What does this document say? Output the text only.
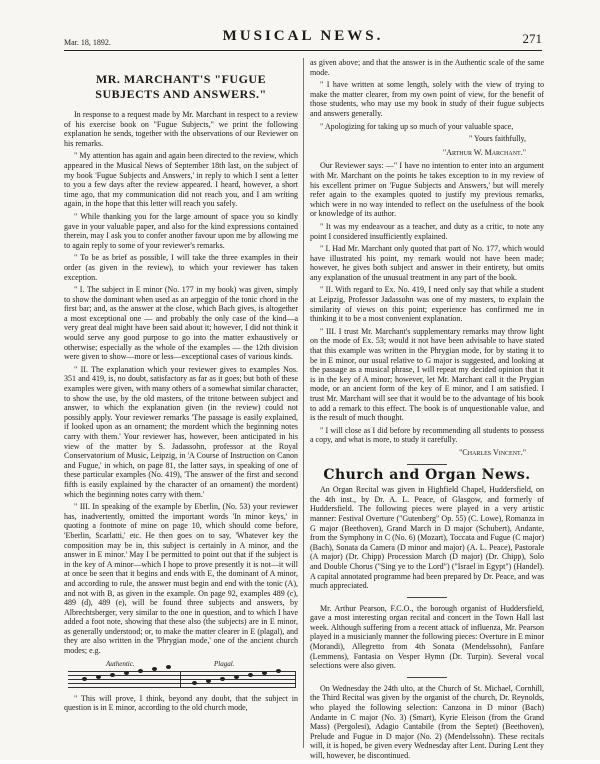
Mar. 18, 1892.	MUSICAL NEWS.	271
MR. MARCHANT'S "FUGUE SUBJECTS AND ANSWERS."

In response to a request made by Mr. Marchant in respect to a review of his exercise book on "Fugue Subjects," we print the following explanation he sends, together with the observations of our Reviewer on his remarks.

" My attention has again and again been directed to the review, which appeared in the Musical News of September 18th last, on the subject of my book 'Fugue Subjects and Answers,' in reply to which I sent a letter to you a few days after the review appeared. I heard, however, a short time ago, that my communication did not reach you, and I am writing again, in the hope that this letter will reach you safely.

" While thanking you for the large amount of space you so kindly gave in your valuable paper, and also for the kind expressions contained therein, may I ask you to confer another favour upon me by allowing me to again reply to some of your reviewer's remarks.

" To be as brief as possible, I will take the three examples in their order (as given in the review), to which your reviewer has taken exception.

" I. The subject in E minor (No. 177 in my book) was given, simply to show the dominant when used as an arpeggio of the tonic chord in the first bar; and, as the answer at the close, which Bach gives, is altogether a most exceptional one — and probably the only case of the kind—a very great deal might have been said about it; however, I did not think it would serve any good purpose to go into the matter exhaustively or otherwise; especially as the whole of the examples — the 12th division were given to show—more or less—exceptional cases of various kinds.

" II. The explanation which your reviewer gives to examples Nos. 351 and 419, is, no doubt, satisfactory as far as it goes; but both of these examples were given, with many others of a somewhat similar character, to show the use, by the old masters, of the tritone between subject and answer, to which the explanation given (in the review) could not possibly apply. Your reviewer remarks 'The passage is easily explained, if looked upon as an ornament; the mordent which the beginning notes carry with them.' Your reviewer has, however, been anticipated in his view of the matter by S. Jadassohn, professor at the Royal Conservatorium of Music, Leipzig, in 'A Course of Instruction on Canon and Fugue,' in which, on page 81, the latter says, in speaking of one of these particular examples (No. 419), 'The answer of the first and second fifth is easily explained by the character of an ornament) the mordent) which the beginning notes carry with them.'

" III. In speaking of the example by Eberlin, (No. 53) your reviewer has, inadvertently, omitted the important words 'In minor keys,' in quoting a footnote of mine on page 10, which should come before, 'Eberlin, Scarlatti,' etc. He then goes on to say, 'Whatever key the composition may be in, this subject is certainly in A minor, and the answer in E minor.' May I be permitted to point out that if the subject is in the key of A minor—which I hope to prove presently it is not—it will at once be seen that it begins and ends with E, the dominant of A minor, and according to rule, the answer must begin and end with the tonic (A), and not with B, as given in the example. On page 92, examples 489 (c), 489 (d), 489 (e), will be found three subjects and answers, by Albrechtsberger, very similar to the one in question, and to which I have added a foot note, showing that these also (the subjects) are in E minor, as generally understood; or, to make the matter clearer in E (plagal), and they are also written in the 'Phrygian mode,' one of the ancient church modes; e.g.

Authentic.	Plagal.

" This will prove, I think, beyond any doubt, that the subject in question is in E minor, according to the old church mode,

as given above; and that the answer is in the Authentic scale of the same mode.

" I have written at some length, solely with the view of trying to make the matter clearer, from my own point of view, for the benefit of those students, who may use my book in study of their fugue subjects and answers generally.

" Apologizing for taking up so much of your valuable space,

" Yours faithfully,
"Arthur W. Marchant."

Our Reviewer says: —" I have no intention to enter into an argument with Mr. Marchant on the points he takes exception to in my review of his excellent primer on 'Fugue Subjects and Answers,' but will merely refer again to the examples quoted to justify my previous remarks, which were in no way intended to reflect on the usefulness of the book or knowledge of its author.

" It was my endeavour as a teacher, and duty as a critic, to note any point I considered insufficiently explained.

" I. Had Mr. Marchant only quoted that part of No. 177, which would have illustrated his point, my remark would not have been made; however, he gives both subject and answer in their entirety, but omits any explanation of the unusual treatment in any part of the book.

" II. With regard to Ex. No. 419, I need only say that while a student at Leipzig, Professor Jadassohn was one of my masters, to explain the similarity of views on this point; experience has confirmed me in thinking it to be a most convenient explanation.

" III. I trust Mr. Marchant's supplementary remarks may throw light on the mode of Ex. 53; would it not have been advisable to have stated that this example was written in the Phrygian mode, for by stating it to be in E minor, our usual relative to G major is suggested, and looking at the passage as a musical phrase, I will repeat my decided opinion that it is in the key of A minor; however, let Mr. Marchant call it the Prygian mode, or an ancient form of the key of E minor, and I am satisfied. I trust Mr. Marchant will see that it would be to the advantage of his book to add a remark to this effect. The book is of unquestionable value, and is the result of much thought.

" I will close as I did before by recommending all students to possess a copy, and what is more, to study it carefully.

"Charles Vincent."
Church and Organ News.

An Organ Recital was given in Highfield Chapel, Huddersfield, on the 4th inst., by Dr. A. L. Peace, of Glasgow, and formerly of Huddersfield. The following pieces were played in a very artistic manner: Festival Overture ("Gutenberg" Op. 55) (C. Lowe), Romanza in G major (Beethoven), Grand March in D major (Schubert), Andante, from the Symphony in C (No. 6) (Mozart), Toccata and Fugue (C major) (Bach), Sonata da Camera (D minor and major) (A. L. Peace), Pastorale (A major) (Dr. Chipp) Procession March (D major) (Dr. Chipp), Solo and Double Chorus ("Sing ye to the Lord") ("Israel in Egypt") (Handel). A capital annotated programme had been prepared by Dr. Peace, and was much appreciated.

Mr. Arthur Pearson, F.C.O., the borough organist of Huddersfield, gave a most interesting organ recital and concert in the Town Hall last week. Although suffering from a recent attack of influenza, Mr. Pearson played in a musicianly manner the following pieces: Overture in E minor (Morandi), Allegretto from 4th Sonata (Mendelssohn), Fanfare (Lemmens), Fantasia on Vesper Hymn (Dr. Turpin). Several vocal selections were also given.

On Wednesday the 24th ulto, at the Church of St. Michael, Cornhill, the Third Recital was given by the organist of the church, Dr. Reynolds, who played the following selection: Canzona in D minor (Bach) Andante in C major (No. 3) (Smart), Kyrie Eleison (from the Grand Mass) (Pergolesi), Adagio Cantabile (from the Septet) (Beethoven), Prelude and Fugue in D major (No. 2) (Mendelssohn). These recitals will, it is hoped, be given every Wednesday after Lent. During Lent they will, however, be discontinued.
